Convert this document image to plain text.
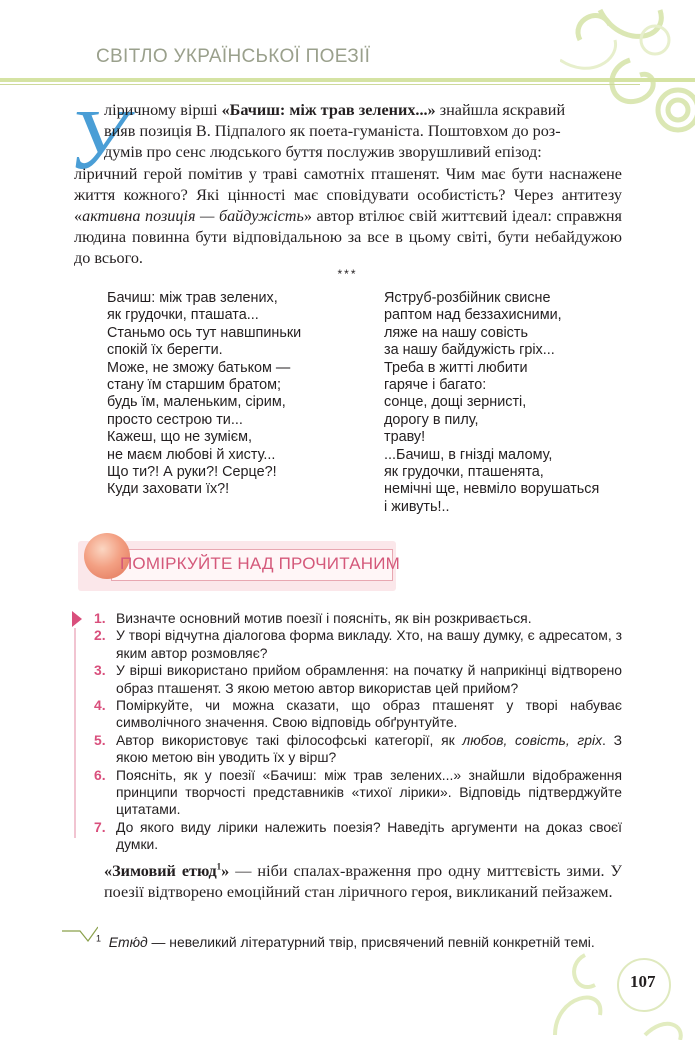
СВІТЛО УКРАЇНСЬКОЇ ПОЕЗІЇ
У
ліричному вірші «Бачиш: між трав зелених...» знайшла яскравий
вияв позиція В. Підпалого як поета-гуманіста. Поштовхом до роз-
думів про сенс людського буття послужив зворушливий епізод:
ліричний герой помітив у траві самотніх пташенят. Чим має бути наснажене життя кожного? Які цінності має сповідувати особистість? Через антитезу «активна позиція — байдужість» автор втілює свій життєвий ідеал: справжня людина повинна бути відповідальною за все в цьому світі, бути небайдужою до всього.
***
Бачиш: між трав зелених,
як грудочки, пташата...
Станьмо ось тут навшпиньки
спокій їх берегти.
Може, не зможу батьком —
стану їм старшим братом;
будь їм, маленьким, сірим,
просто сестрою ти...
Кажеш, що не зумієм,
не маєм любові й хисту...
Що ти?! А руки?! Серце?!
Куди заховати їх?!
Яструб-розбійник свисне
раптом над беззахисними,
ляже на нашу совість
за нашу байдужість гріх...
Треба в житті любити
гаряче і багато:
сонце, дощі зернисті,
дорогу в пилу,
траву!
...Бачиш, в гнізді малому,
як грудочки, пташенята,
немічні ще, невміло ворушаться
і живуть!..
ПОМІРКУЙТЕ НАД ПРОЧИТАНИМ
1. Визначте основний мотив поезії і поясніть, як він розкривається.
2. У творі відчутна діалогова форма викладу. Хто, на вашу думку, є адресатом, з яким автор розмовляє?
3. У вірші використано прийом обрамлення: на початку й наприкінці відтворено образ пташенят. З якою метою автор використав цей прийом?
4. Поміркуйте, чи можна сказати, що образ пташенят у творі набуває символічного значення. Свою відповідь обґрунтуйте.
5. Автор використовує такі філософські категорії, як любов, совість, гріх. З якою метою він уводить їх у вірш?
6. Поясніть, як у поезії «Бачиш: між трав зелених...» знайшли відображення принципи творчості представників «тихої лірики». Відповідь підтверджуйте цитатами.
7. До якого виду лірики належить поезія? Наведіть аргументи на доказ своєї думки.
«Зимовий етюд$^1$» — ніби спалах-враження про одну миттєвість зими. У поезії відтворено емоційний стан ліричного героя, викликаний пейзажем.
$^1$ Етю́д — невеликий літературний твір, присвячений певній конкретній темі.
107
